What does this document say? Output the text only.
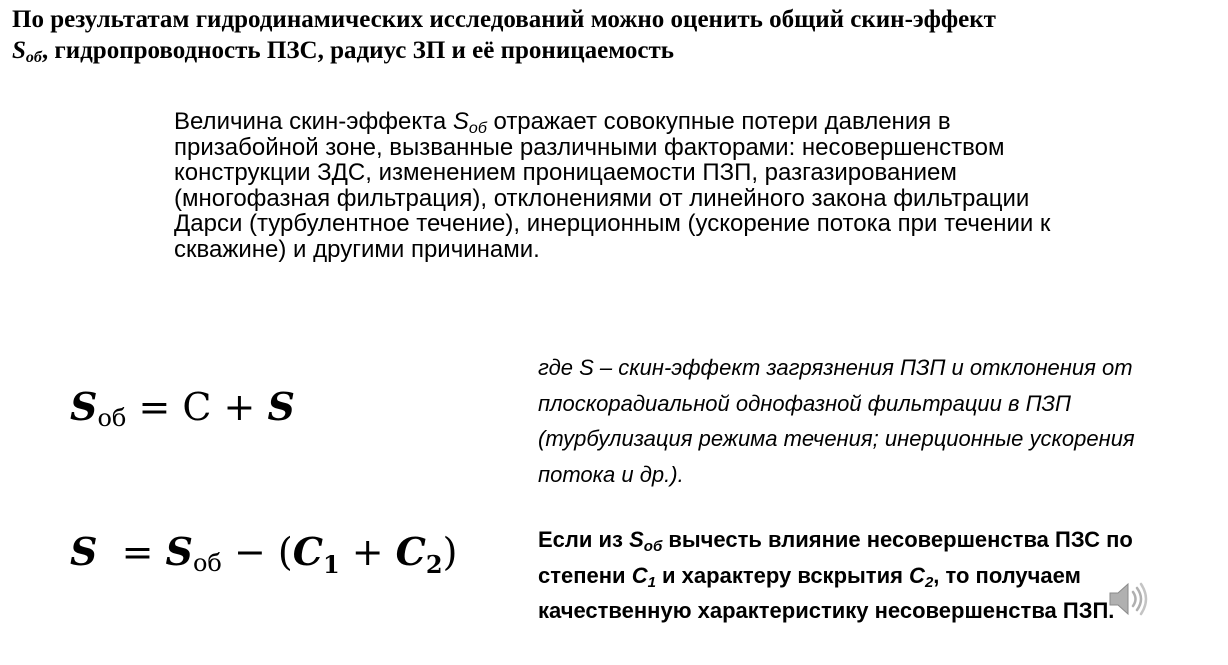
По результатам гидродинамических исследований можно оценить общий скин-эффект
$S_{об}$, гидропроводность ПЗС, радиус ЗП и её проницаемость
Величина скин-эффекта $S_{об}$ отражает совокупные потери давления в призабойной зоне, вызванные различными факторами: несовершенством конструкции ЗДС, изменением проницаемости ПЗП, разгазированием (многофазная фильтрация), отклонениями от линейного закона фильтрации Дарси (турбулентное течение), инерционным (ускорение потока при течении к скважине) и другими причинами.
$S_{об} = C + S$
$S = S_{об} - (C_1 + C_2)$
где S – скин-эффект загрязнения ПЗП и отклонения от плоскорадиальной однофазной фильтрации в ПЗП (турбулизация режима течения; инерционные ускорения потока и др.).
Если из $S_{об}$ вычесть влияние несовершенства ПЗС по степени $C_1$ и характеру вскрытия $C_2$, то получаем качественную характеристику несовершенства ПЗП.
